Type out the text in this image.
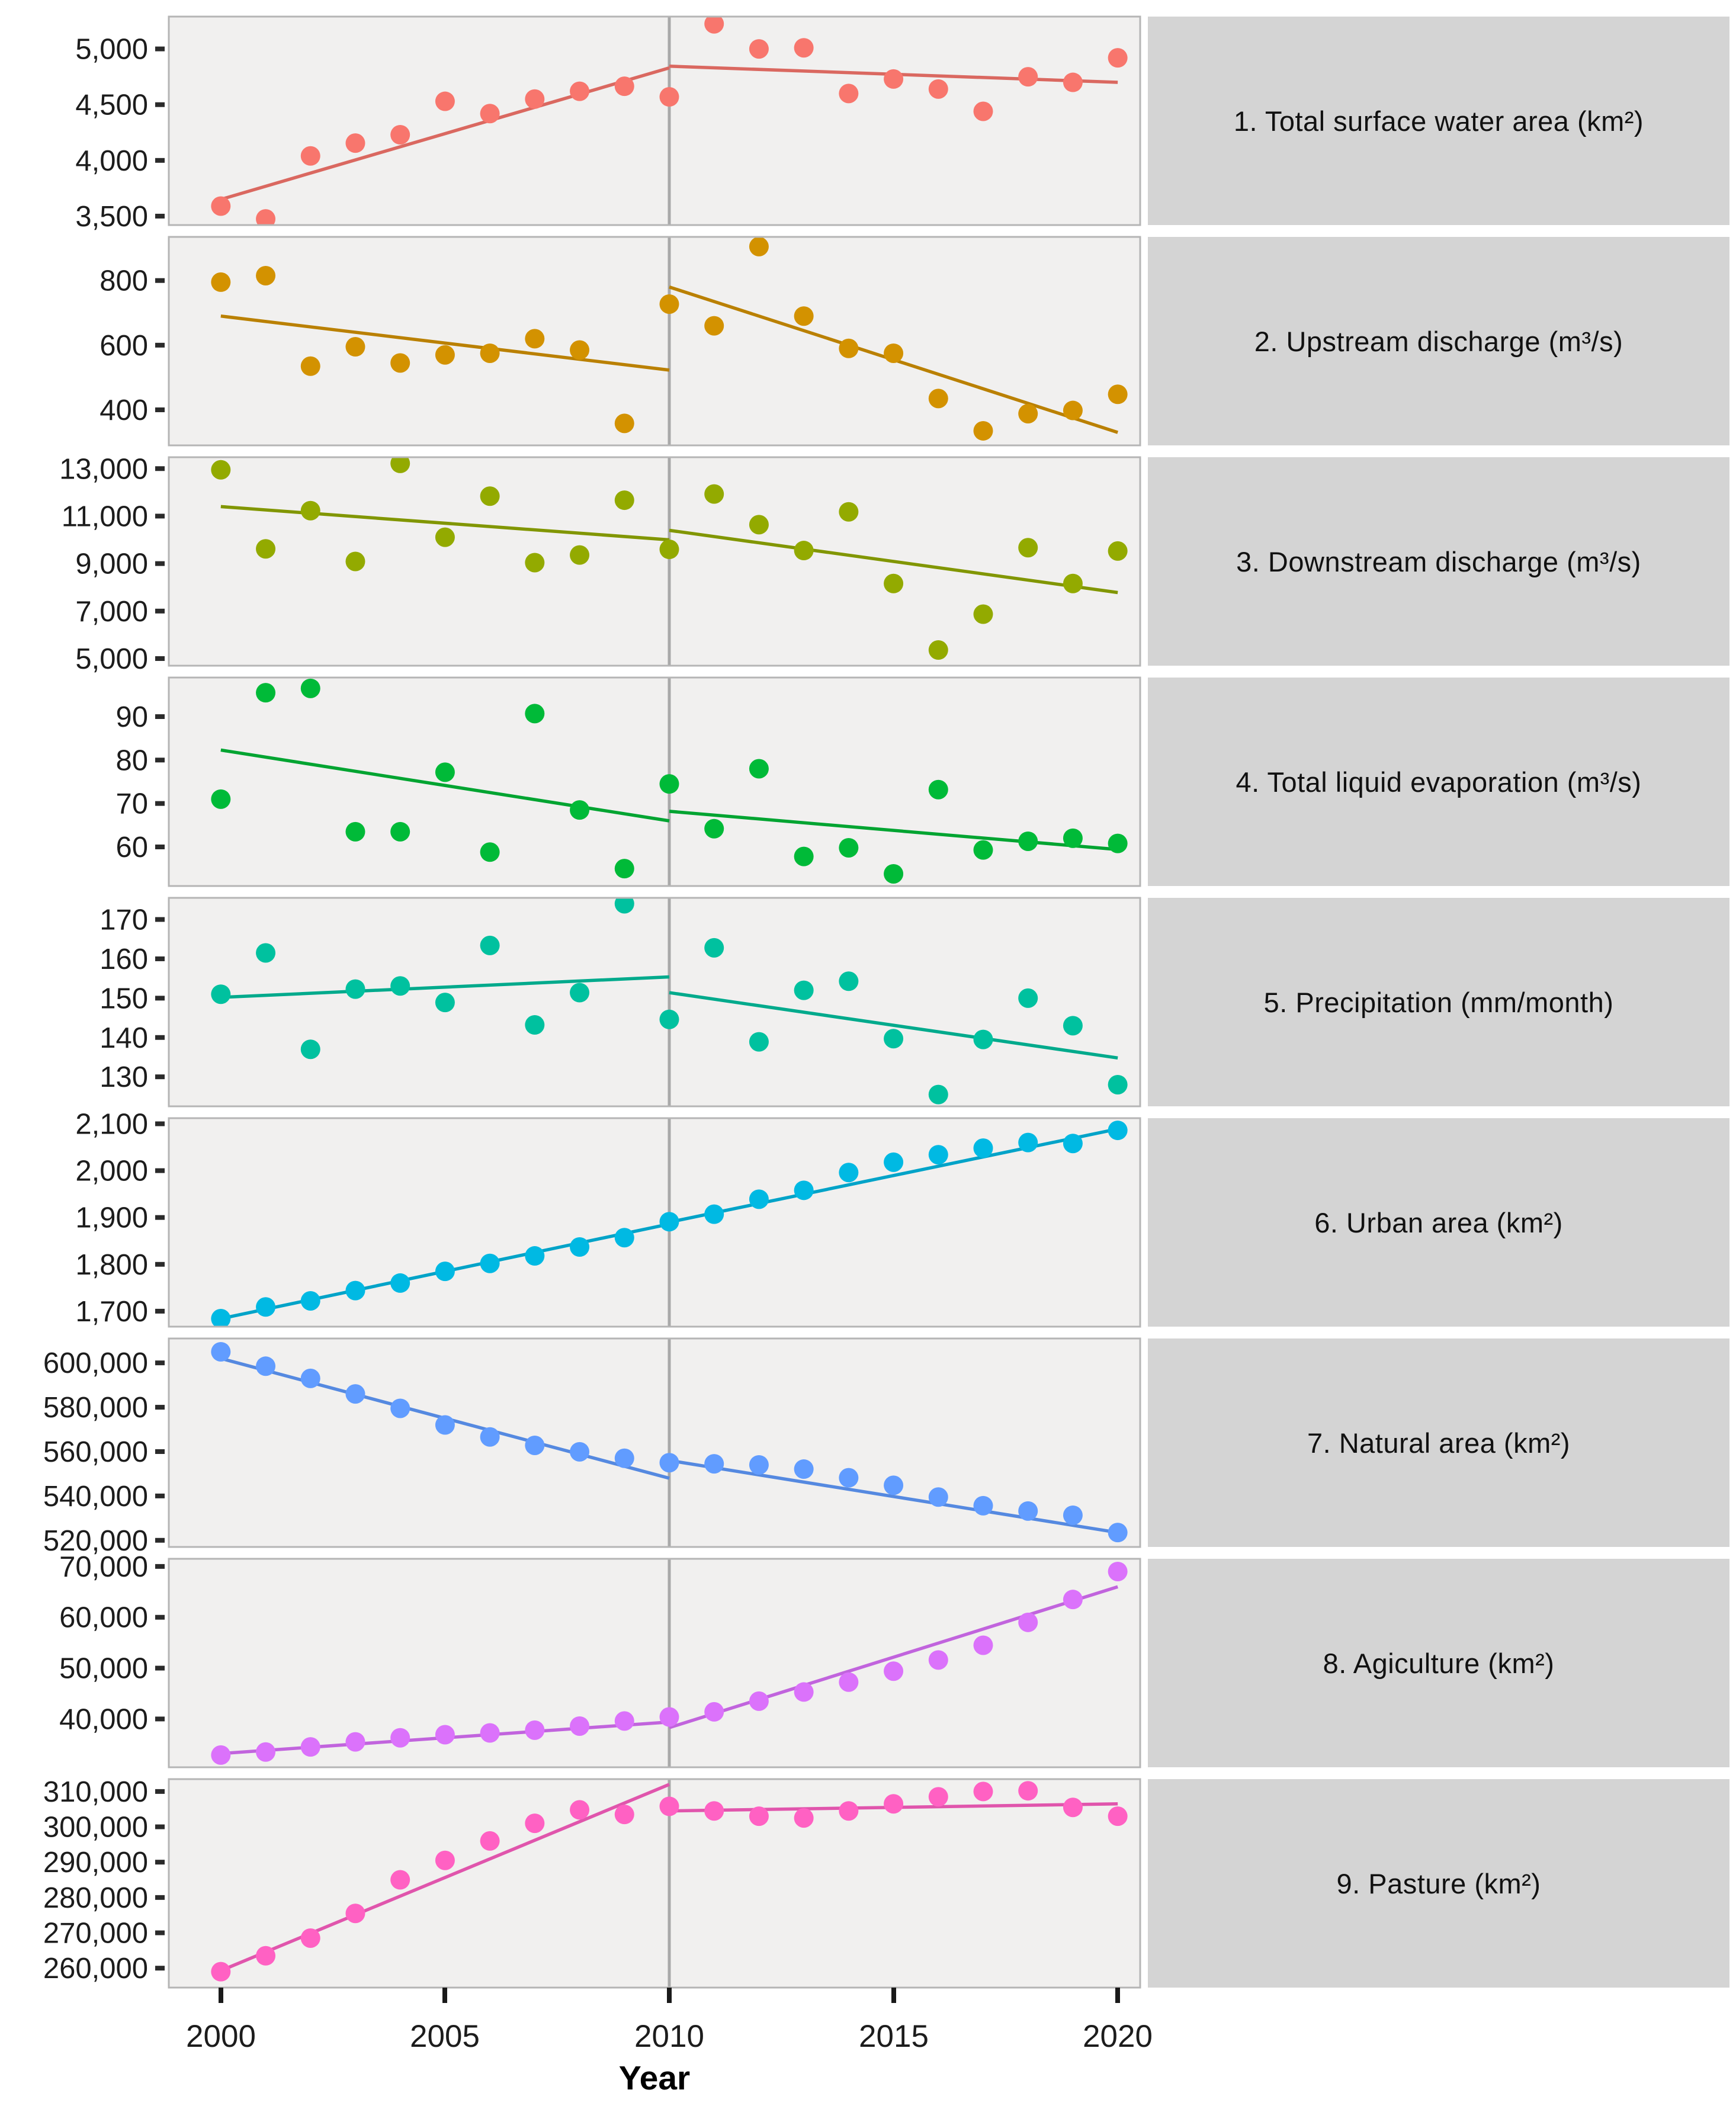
5,000
4,500
4,000
3,500
1. Total surface water area (km²)
800
600
400
2. Upstream discharge (m³/s)
13,000
11,000
9,000
7,000
5,000
3. Downstream discharge (m³/s)
90
80
70
60
4. Total liquid evaporation (m³/s)
170
160
150
140
130
5. Precipitation (mm/month)
2,100
2,000
1,900
1,800
1,700
6. Urban area (km²)
600,000
580,000
560,000
540,000
520,000
7. Natural area (km²)
70,000
60,000
50,000
40,000
8. Agiculture (km²)
310,000
300,000
290,000
280,000
270,000
260,000
9. Pasture (km²)
2000	2005	2010	2015	2020
Year
